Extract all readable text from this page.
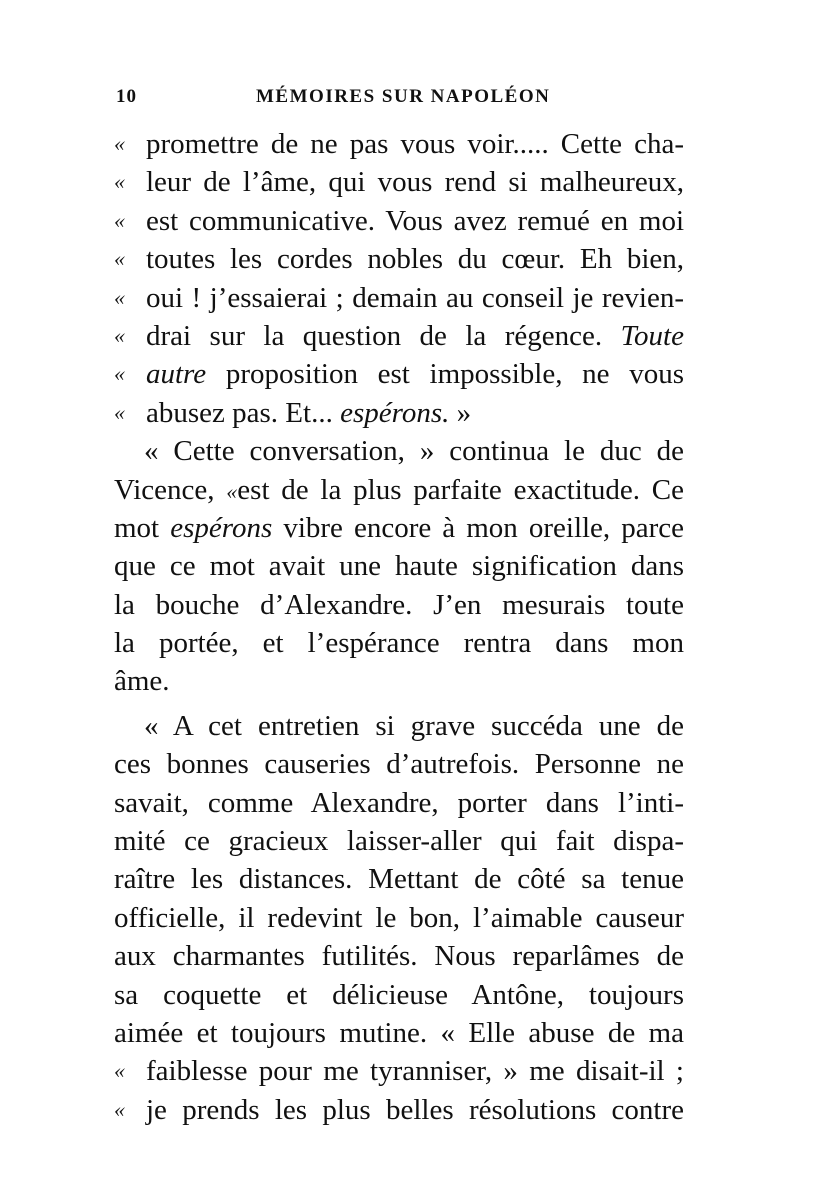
10	MÉMOIRES SUR NAPOLÉON
« promettre de ne pas vous voir..... Cette cha-
« leur de l’âme, qui vous rend si malheureux,
« est communicative. Vous avez remué en moi
« toutes les cordes nobles du cœur. Eh bien,
« oui ! j’essaierai ; demain au conseil je revien-
« drai sur la question de la régence. Toute
« autre proposition est impossible, ne vous
« abusez pas. Et... espérons. »
« Cette conversation, » continua le duc de
Vicence, «est de la plus parfaite exactitude. Ce
mot espérons vibre encore à mon oreille, parce
que ce mot avait une haute signification dans
la bouche d’Alexandre. J’en mesurais toute
la portée, et l’espérance rentra dans mon
âme.
« A cet entretien si grave succéda une de
ces bonnes causeries d’autrefois. Personne ne
savait, comme Alexandre, porter dans l’inti-
mité ce gracieux laisser-aller qui fait dispa-
raître les distances. Mettant de côté sa tenue
officielle, il redevint le bon, l’aimable causeur
aux charmantes futilités. Nous reparlâmes de
sa coquette et délicieuse Antône, toujours
aimée et toujours mutine. « Elle abuse de ma
« faiblesse pour me tyranniser, » me disait-il ;
« je prends les plus belles résolutions contre
